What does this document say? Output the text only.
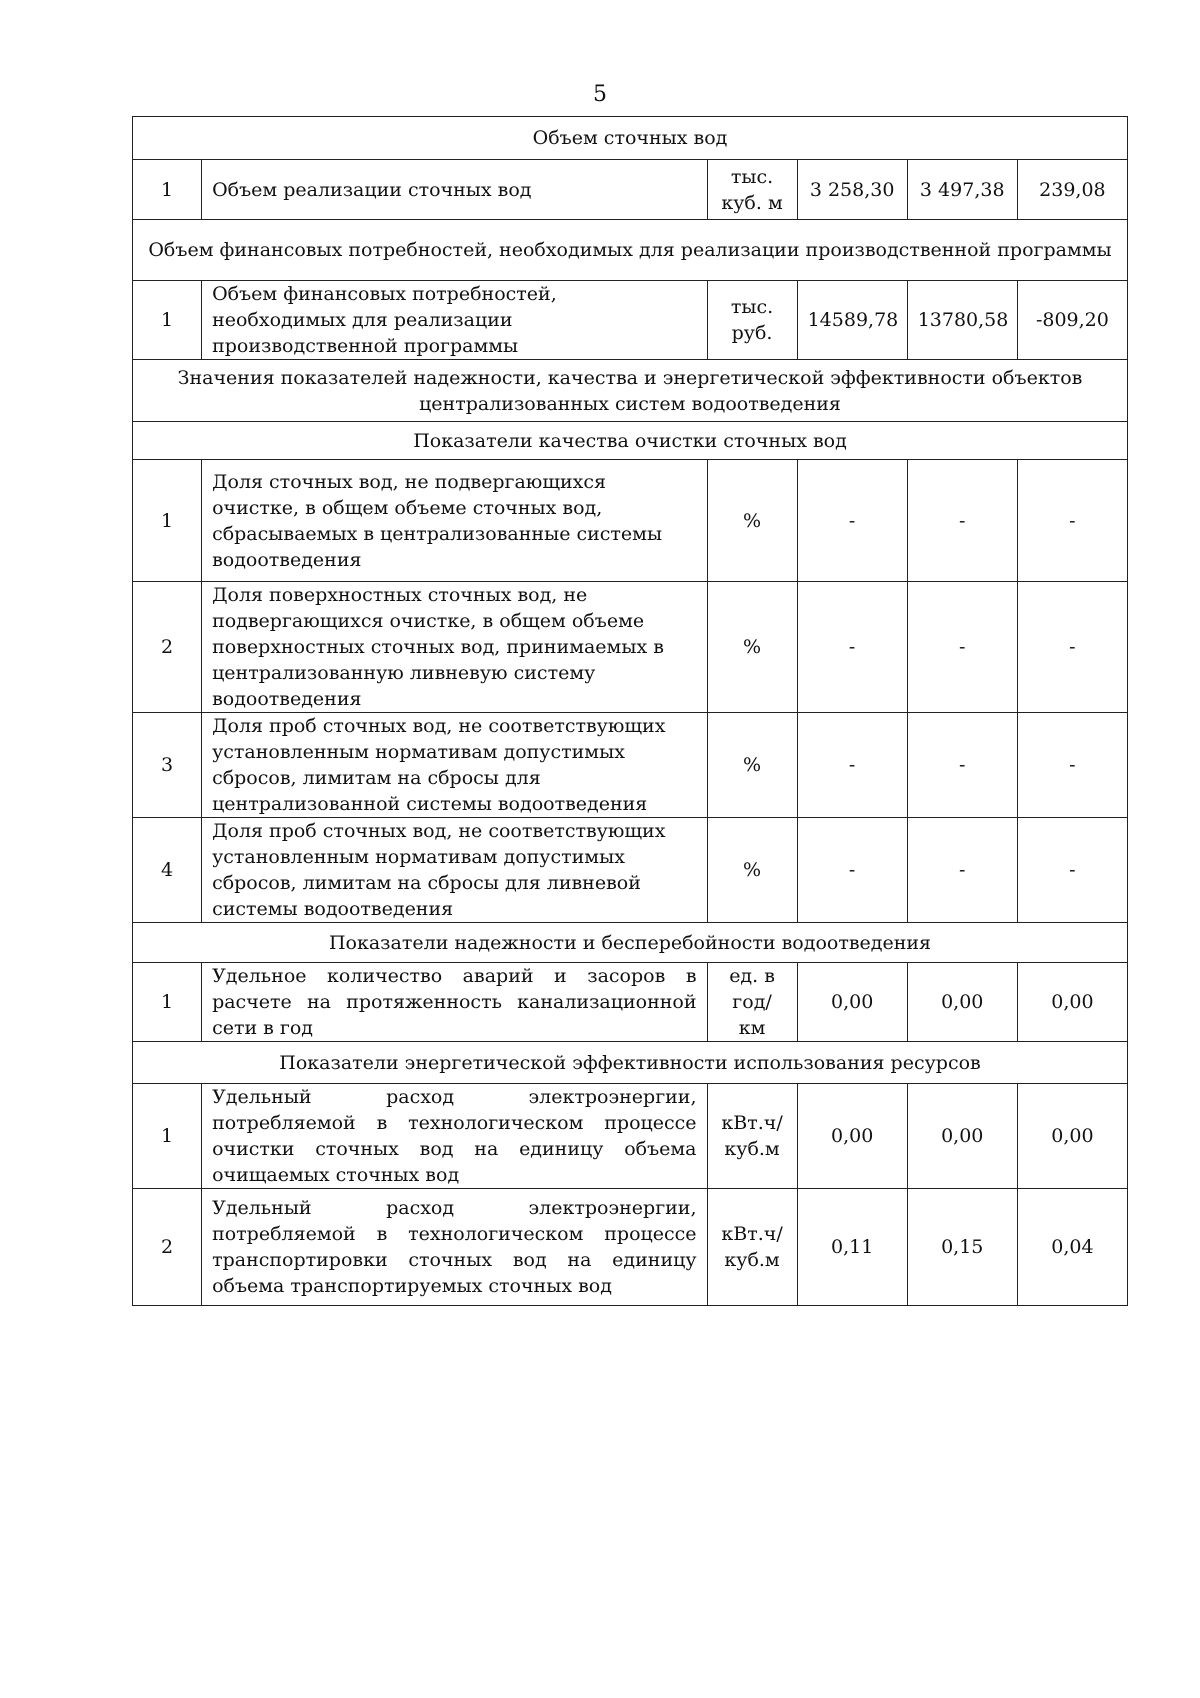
5
Объем сточных вод					
1	Объем реализации сточных вод	тыс. куб. м	3 258,30	3 497,38	239,08
Объем финансовых потребностей, необходимых для реализации производственной программы					
1	Объем финансовых потребностей, необходимых для реализации производственной программы	тыс. руб.	14589,78	13780,58	-809,20
Значения показателей надежности, качества и энергетической эффективности объектов централизованных систем водоотведения					
Показатели качества очистки сточных вод					
1	Доля сточных вод, не подвергающихся очистке, в общем объеме сточных вод, сбрасываемых в централизованные системы водоотведения	%	-	-	-
2	Доля поверхностных сточных вод, не подвергающихся очистке, в общем объеме поверхностных сточных вод, принимаемых в централизованную ливневую систему водоотведения	%	-	-	-
3	Доля проб сточных вод, не соответствующих установленным нормативам допустимых сбросов, лимитам на сбросы для централизованной системы водоотведения	%	-	-	-
4	Доля проб сточных вод, не соответствующих установленным нормативам допустимых сбросов, лимитам на сбросы для ливневой системы водоотведения	%	-	-	-
Показатели надежности и бесперебойности водоотведения					
1	Удельное количество аварий и засоров в расчете на протяженность канализационной сети в год	ед. в год/ км	0,00	0,00	0,00
Показатели энергетической эффективности использования ресурсов					
1	Удельный расход электроэнергии, потребляемой в технологическом процессе очистки сточных вод на единицу объема очищаемых сточных вод	кВт.ч/ куб.м	0,00	0,00	0,00
2	Удельный расход электроэнергии, потребляемой в технологическом процессе транспортировки сточных вод на единицу объема транспортируемых сточных вод	кВт.ч/ куб.м	0,11	0,15	0,04
